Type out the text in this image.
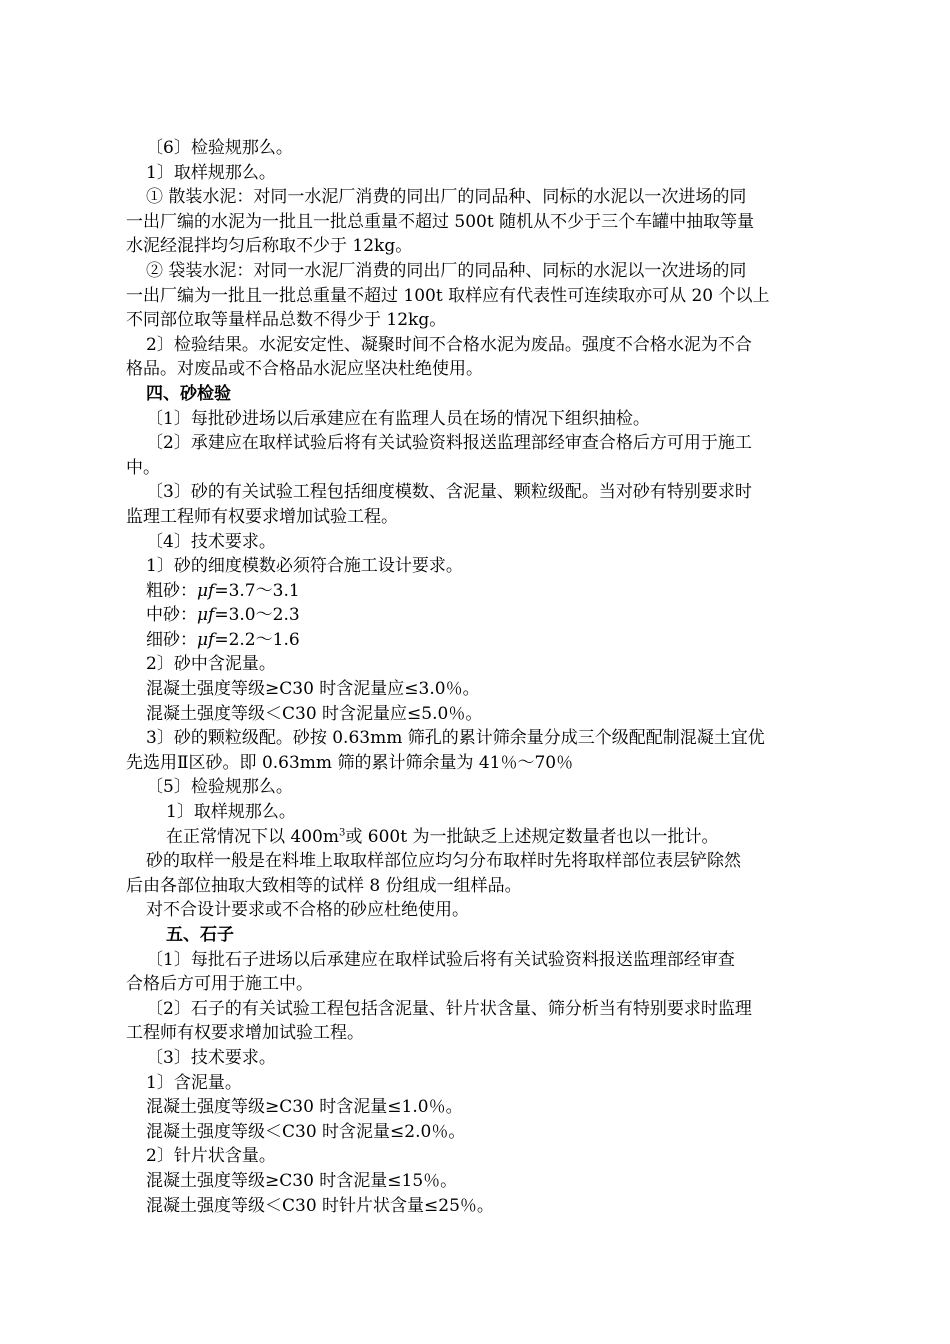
〔6〕检验规那么。
1〕取样规那么。
① 散装水泥：对同一水泥厂消费的同出厂的同品种、同标的水泥以一次进场的同
一出厂编的水泥为一批且一批总重量不超过 500t 随机从不少于三个车罐中抽取等量
水泥经混拌均匀后称取不少于 12kg。
② 袋装水泥：对同一水泥厂消费的同出厂的同品种、同标的水泥以一次进场的同
一出厂编为一批且一批总重量不超过 100t 取样应有代表性可连续取亦可从 20 个以上
不同部位取等量样品总数不得少于 12kg。
2〕检验结果。水泥安定性、凝聚时间不合格水泥为废品。强度不合格水泥为不合
格品。对废品或不合格品水泥应坚决杜绝使用。
四、砂检验
〔1〕每批砂进场以后承建应在有监理人员在场的情况下组织抽检。
〔2〕承建应在取样试验后将有关试验资料报送监理部经审查合格后方可用于施工
中。
〔3〕砂的有关试验工程包括细度模数、含泥量、颗粒级配。当对砂有特别要求时
监理工程师有权要求增加试验工程。
〔4〕技术要求。
1〕砂的细度模数必须符合施工设计要求。
粗砂：μf=3.7～3.1
中砂：μf=3.0～2.3
细砂：μf=2.2～1.6
2〕砂中含泥量。
混凝土强度等级≥C30 时含泥量应≤3.0％。
混凝土强度等级＜C30 时含泥量应≤5.0％。
3〕砂的颗粒级配。砂按 0.63mm 筛孔的累计筛余量分成三个级配配制混凝土宜优
先选用Ⅱ区砂。即 0.63mm 筛的累计筛余量为 41％～70％
〔5〕检验规那么。
1〕取样规那么。
在正常情况下以 $400m^3$或 600t 为一批缺乏上述规定数量者也以一批计。
砂的取样一般是在料堆上取取样部位应均匀分布取样时先将取样部位表层铲除然
后由各部位抽取大致相等的试样 8 份组成一组样品。
对不合设计要求或不合格的砂应杜绝使用。
五、石子
〔1〕每批石子进场以后承建应在取样试验后将有关试验资料报送监理部经审查
合格后方可用于施工中。
〔2〕石子的有关试验工程包括含泥量、针片状含量、筛分析当有特别要求时监理
工程师有权要求增加试验工程。
〔3〕技术要求。
1〕含泥量。
混凝土强度等级≥C30 时含泥量≤1.0％。
混凝土强度等级＜C30 时含泥量≤2.0％。
2〕针片状含量。
混凝土强度等级≥C30 时含泥量≤15％。
混凝土强度等级＜C30 时针片状含量≤25％。
